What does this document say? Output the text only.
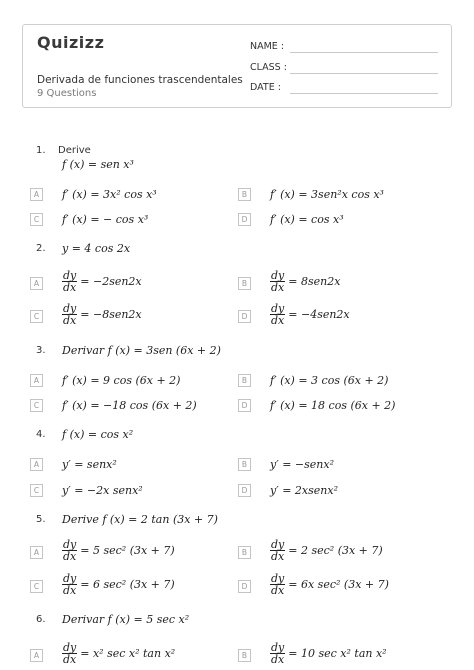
Quizizz
Derivada de funciones trascendentales
9 Questions
NAME :
CLASS :
DATE :
1. Derive
f (x) = sen x³
A	f′ (x) = 3x² cos x³	B	f′ (x) = 3sen²x cos x³
C	f′ (x) = − cos x³	D	f′ (x) = cos x³
2. y = 4 cos 2x
A	$\frac{dy}{dx} = -2sen2x$	B	$\frac{dy}{dx} = 8sen2x$
C	$\frac{dy}{dx} = -8sen2x$	D	$\frac{dy}{dx} = -4sen2x$
3. Derivar f (x) = 3sen (6x + 2)
A	f′ (x) = 9 cos (6x + 2)	B	f′ (x) = 3 cos (6x + 2)
C	f′ (x) = −18 cos (6x + 2)	D	f′ (x) = 18 cos (6x + 2)
4. f (x) = cos x²
A	y′ = senx²	B	y′ = −senx²
C	y′ = −2x senx²	D	y′ = 2xsenx²
5. Derive f (x) = 2 tan (3x + 7)
A	$\frac{dy}{dx} = 5$ sec² (3x + 7)	B	$\frac{dy}{dx} = 2$ sec² (3x + 7)
C	$\frac{dy}{dx} = 6$ sec² (3x + 7)	D	$\frac{dy}{dx} = 6x$ sec² (3x + 7)
6. Derivar f (x) = 5 sec x²
A	$\frac{dy}{dx} = x^2$ sec x² tan x²	B	$\frac{dy}{dx} = 10$ sec x² tan x²
